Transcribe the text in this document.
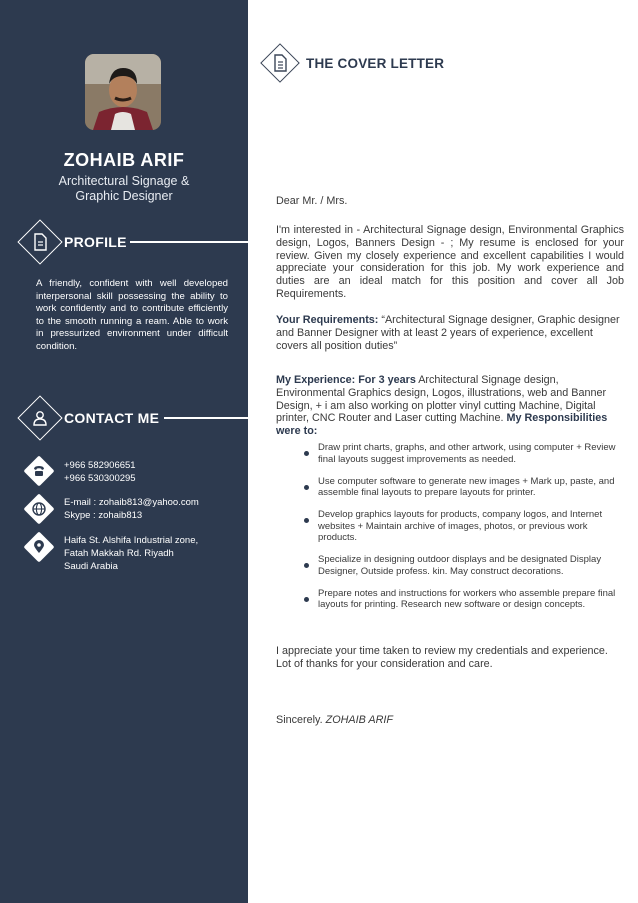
ZOHAIB ARIF
Architectural Signage &
Graphic Designer
PROFILE
A friendly, confident with well developed interpersonal skill possessing the ability to work confidently and to contribute efficiently to the smooth running a ream. Able to work in pressurized environment under difficult condition.
CONTACT ME
+966 582906651
+966 530300295
E-mail : zohaib813@yahoo.com
Skype : zohaib813
Haifa St. Alshifa Industrial zone,
Fatah Makkah Rd. Riyadh
Saudi Arabia
THE COVER LETTER
Dear Mr. / Mrs.
I'm interested in - Architectural Signage design, Environmental Graphics design, Logos, Banners Design - ; My resume is enclosed for your review. Given my closely experience and excellent capabilities I would appreciate your consideration for this job. My work experience and duties are an ideal match for this position and cover all Job Requirements.
Your Requirements: “Architectural Signage designer, Graphic designer and Banner Designer with at least 2 years of experience, excellent covers all position duties”
My Experience: For 3 years Architectural Signage design, Environmental Graphics design, Logos, illustrations, web and Banner Design, + i am also working on plotter vinyl cutting Machine, Digital printer, CNC Router and Laser cutting Machine. My Responsibilities were to:
Draw print charts, graphs, and other artwork, using computer + Review final layouts suggest improvements as needed.
Use computer software to generate new images + Mark up, paste, and assemble final layouts to prepare layouts for printer.
Develop graphics layouts for products, company logos, and Internet websites + Maintain archive of images, photos, or previous work products.
Specialize in designing outdoor displays and be designated Display Designer, Outside profess. kin. May construct decorations.
Prepare notes and instructions for workers who assemble prepare final layouts for printing. Research new software or design concepts.
I appreciate your time taken to review my credentials and experience. Lot of thanks for your consideration and care.
Sincerely. ZOHAIB ARIF
